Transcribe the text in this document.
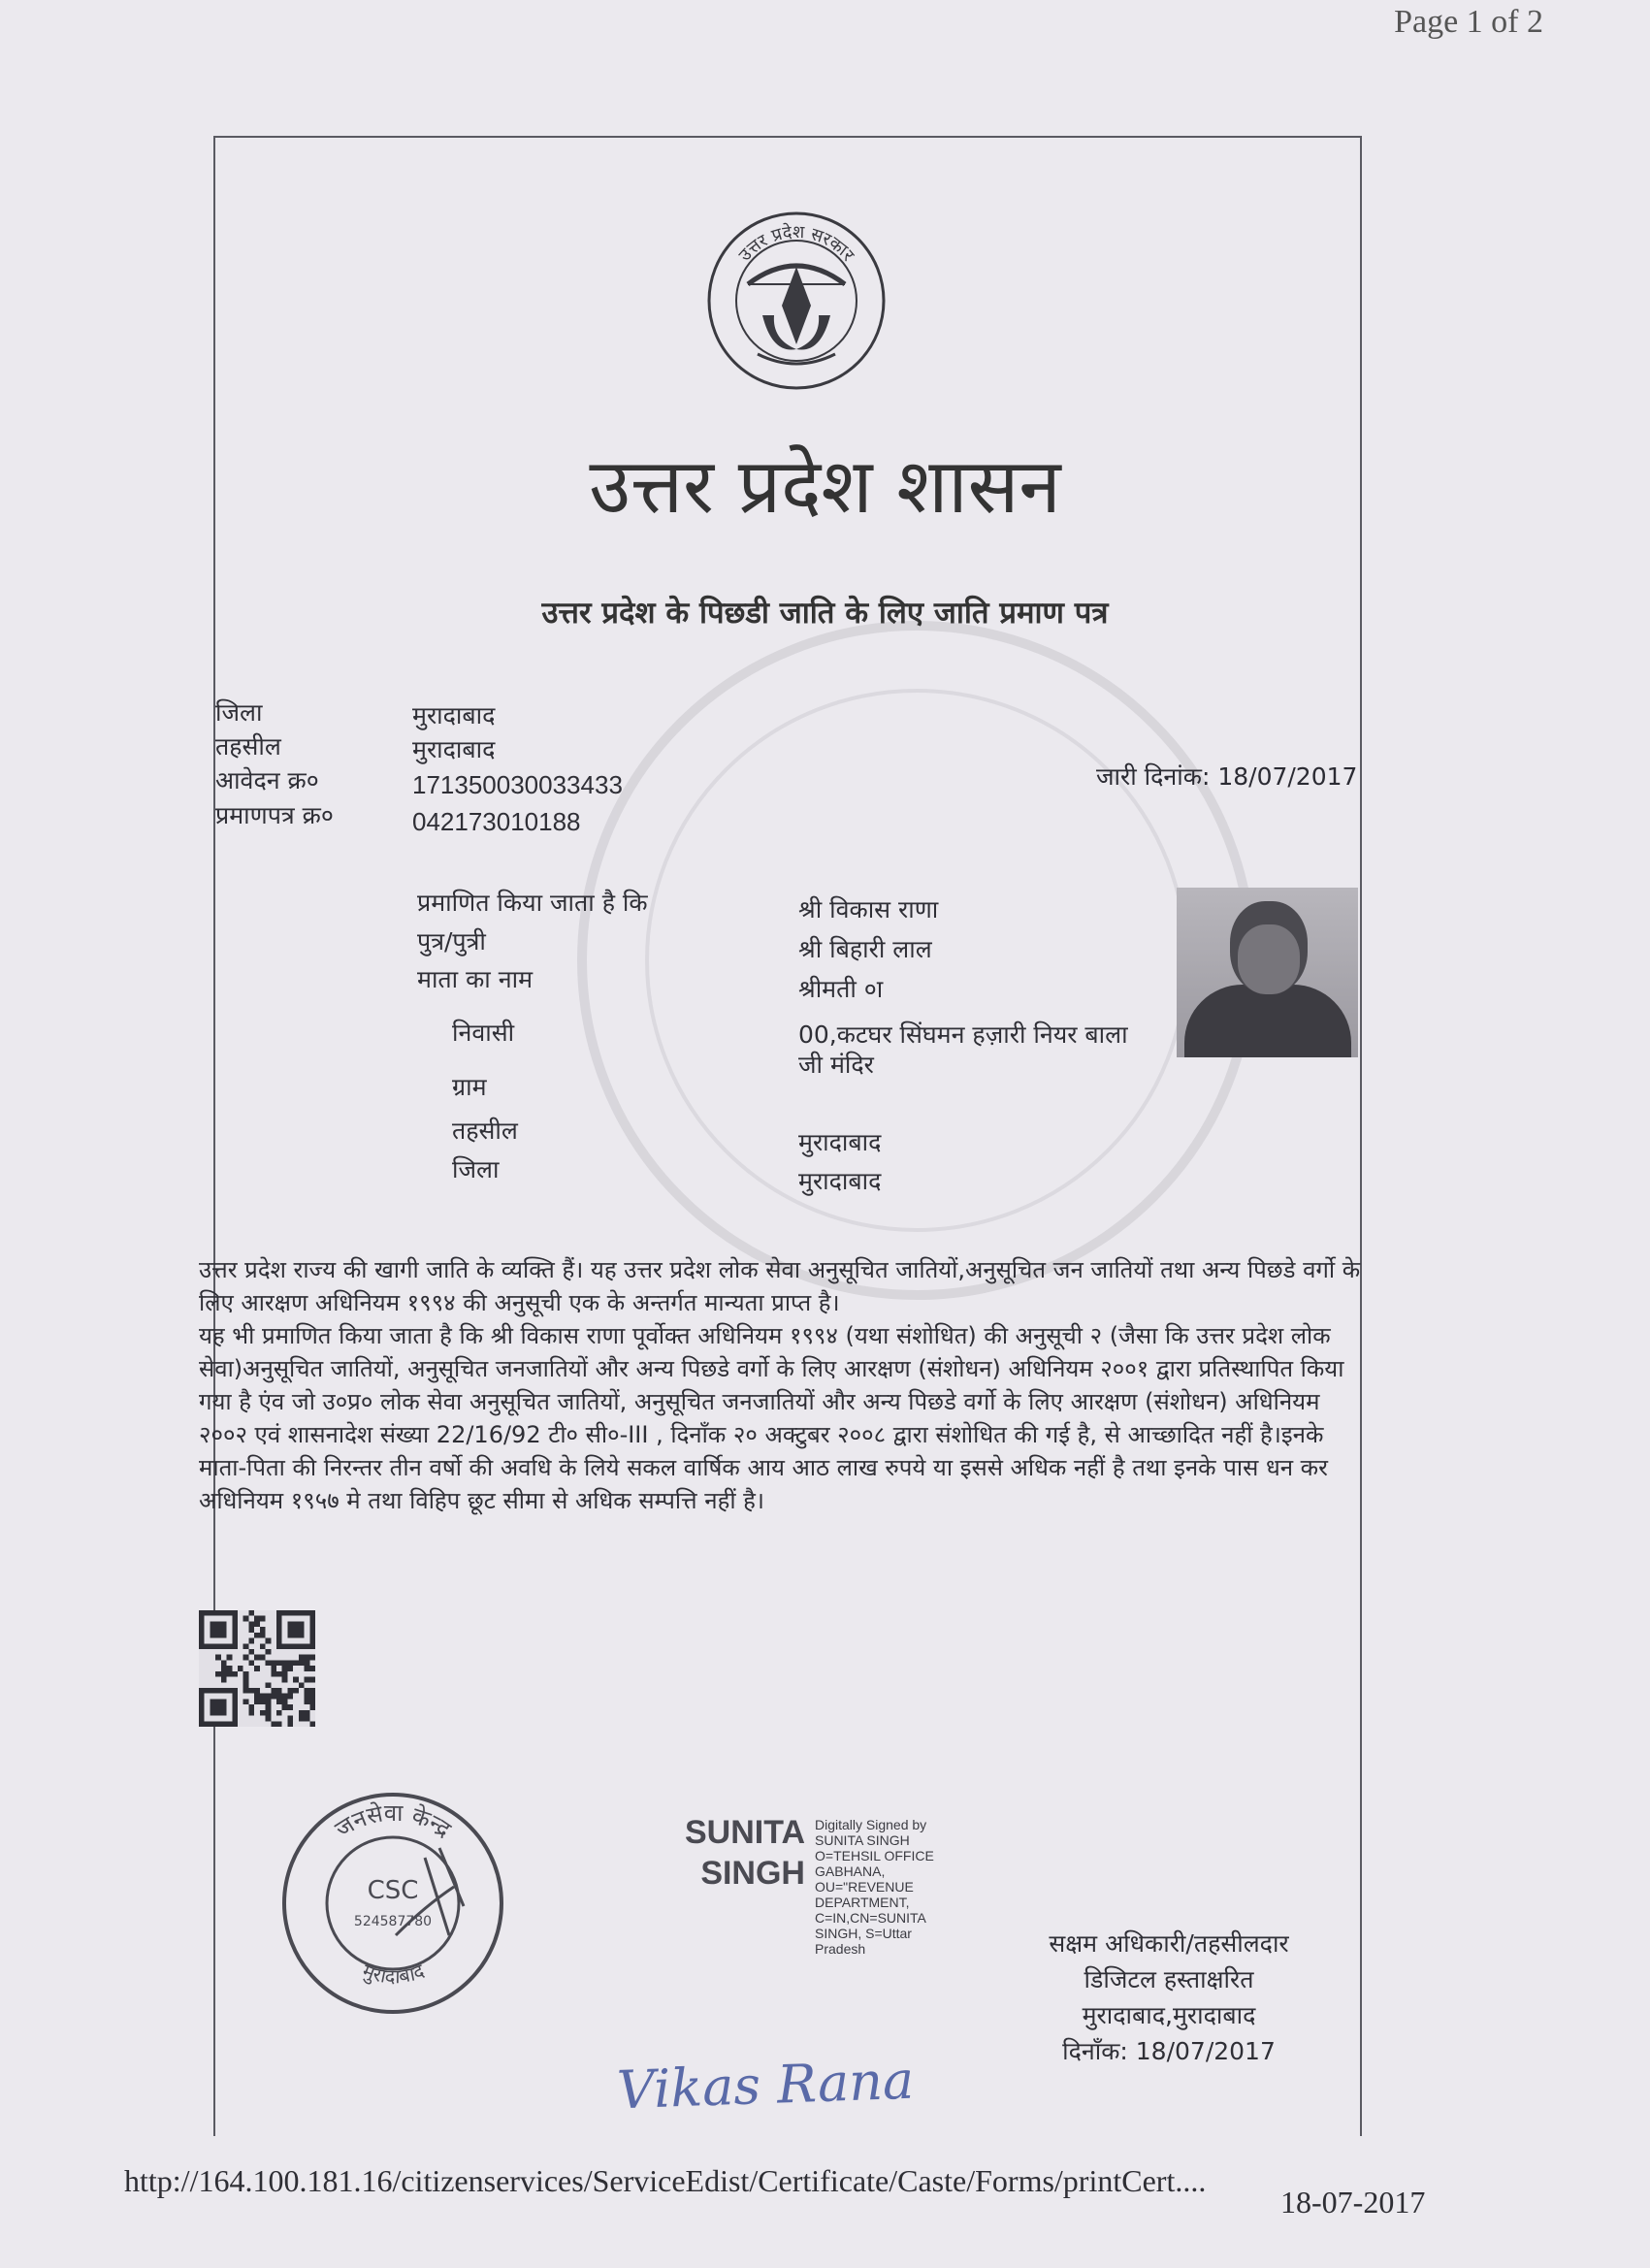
Page 1 of 2
उत्तर प्रदेश सरकार
उत्तर प्रदेश शासन
उत्तर प्रदेश के पिछडी जाति के लिए जाति प्रमाण पत्र
जिला	मुरादाबाद
तहसील	मुरादाबाद
आवेदन क्र०	171350030033433
प्रमाणपत्र क्र०	042173010188
जारी दिनांक: 18/07/2017
प्रमाणित किया जाता है कि	श्री विकास राणा
पुत्र/पुत्री	श्री बिहारी लाल
माता का नाम	श्रीमती ०ा
निवासी	00,कटघर सिंघमन हज़ारी नियर बाला
जी मंदिर
ग्राम
तहसील	मुरादाबाद
जिला	मुरादाबाद

उत्तर प्रदेश राज्य की खागी जाति के व्यक्ति हैं। यह उत्तर प्रदेश लोक सेवा अनुसूचित जातियों,अनुसूचित जन जातियों तथा अन्य पिछडे वर्गो के लिए आरक्षण अधिनियम १९९४ की अनुसूची एक के अन्तर्गत मान्यता प्राप्त है।

यह भी प्रमाणित किया जाता है कि श्री विकास राणा पूर्वोक्त अधिनियम १९९४ (यथा संशोधित) की अनुसूची २ (जैसा कि उत्तर प्रदेश लोक सेवा)अनुसूचित जातियों, अनुसूचित जनजातियों और अन्य पिछडे वर्गो के लिए आरक्षण (संशोधन) अधिनियम २००१ द्वारा प्रतिस्थापित किया गया है एंव जो उ०प्र० लोक सेवा अनुसूचित जातियों, अनुसूचित जनजातियों और अन्य पिछडे वर्गो के लिए आरक्षण (संशोधन) अधिनियम २००२ एवं शासनादेश संख्या 22/16/92 टी० सी०-III , दिनाँक २० अक्टुबर २००८ द्वारा संशोधित की गई है, से आच्छादित नहीं है।इनके माता-पिता की निरन्तर तीन वर्षो की अवधि के लिये सकल वार्षिक आय आठ लाख रुपये या इससे अधिक नहीं है तथा इनके पास धन कर अधिनियम १९५७ मे तथा विहिप छूट सीमा से अधिक सम्पत्ति नहीं है।

जनसेवा केन्द्र
मुरादाबाद
CSC
524587780
SUNITA
SINGH
Digitally Signed by
SUNITA SINGH
O=TEHSIL OFFICE
GABHANA,
OU="REVENUE
DEPARTMENT,
C=IN,CN=SUNITA
SINGH, S=Uttar
Pradesh	सक्षम अधिकारी/तहसीलदार
डिजिटल हस्ताक्षरित
मुरादाबाद,मुरादाबाद
दिनाँक: 18/07/2017
Vikas Rana
http://164.100.181.16/citizenservices/ServiceEdist/Certificate/Caste/Forms/printCert....
18-07-2017
